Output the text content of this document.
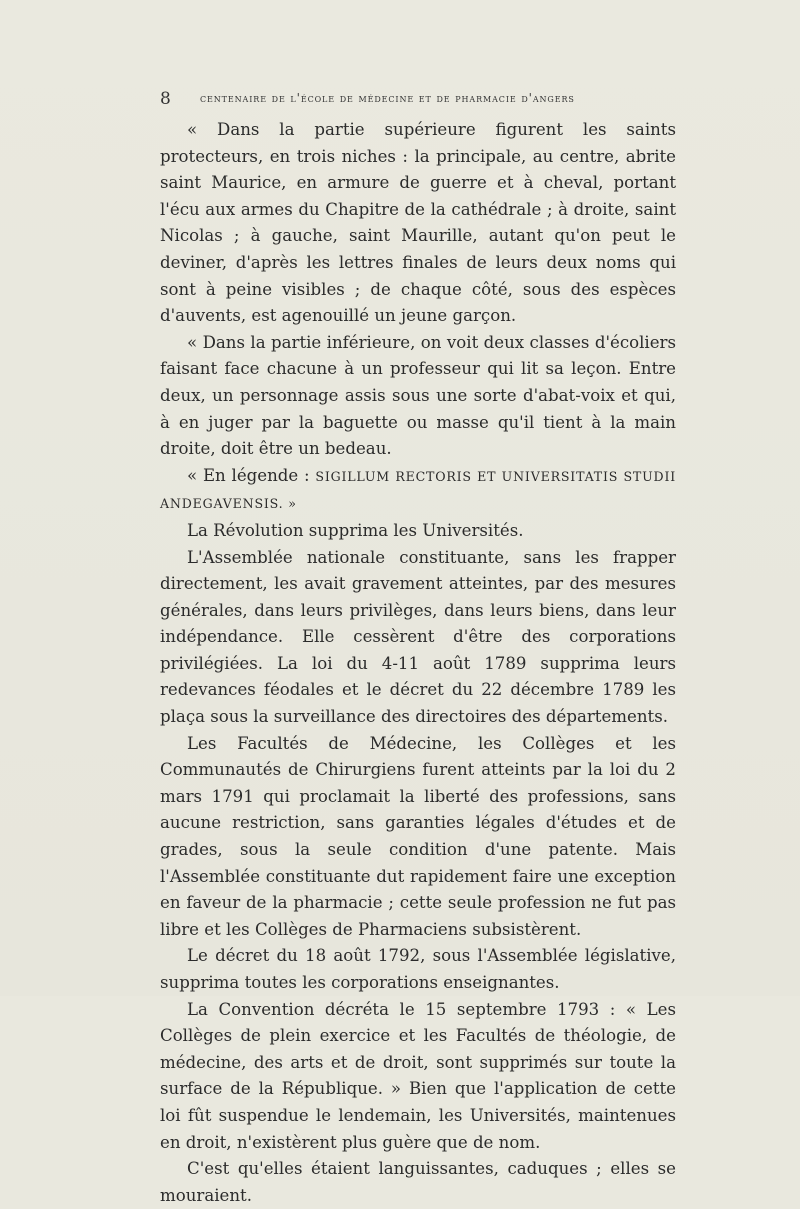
8 centenaire de l'école de médecine et de pharmacie d'angers

« Dans la partie supérieure figurent les saints protecteurs, en trois niches : la principale, au centre, abrite saint Maurice, en armure de guerre et à cheval, portant l'écu aux armes du Chapitre de la cathédrale ; à droite, saint Nicolas ; à gauche, saint Maurille, autant qu'on peut le deviner, d'après les lettres finales de leurs deux noms qui sont à peine visibles ; de chaque côté, sous des espèces d'auvents, est agenouillé un jeune garçon.

« Dans la partie inférieure, on voit deux classes d'écoliers faisant face chacune à un professeur qui lit sa leçon. Entre deux, un personnage assis sous une sorte d'abat-voix et qui, à en juger par la baguette ou masse qu'il tient à la main droite, doit être un bedeau.

« En légende : SIGILLUM RECTORIS ET UNIVERSITATIS STUDII ANDEGAVENSIS. »

La Révolution supprima les Universités.

L'Assemblée nationale constituante, sans les frapper directement, les avait gravement atteintes, par des mesures générales, dans leurs privilèges, dans leurs biens, dans leur indépendance. Elle cessèrent d'être des corporations privilégiées. La loi du 4-11 août 1789 supprima leurs redevances féodales et le décret du 22 décembre 1789 les plaça sous la surveillance des directoires des départements.

Les Facultés de Médecine, les Collèges et les Communautés de Chirurgiens furent atteints par la loi du 2 mars 1791 qui proclamait la liberté des professions, sans aucune restriction, sans garanties légales d'études et de grades, sous la seule condition d'une patente. Mais l'Assemblée constituante dut rapidement faire une exception en faveur de la pharmacie ; cette seule profession ne fut pas libre et les Collèges de Pharmaciens subsistèrent.

Le décret du 18 août 1792, sous l'Assemblée législative, supprima toutes les corporations enseignantes.

La Convention décréta le 15 septembre 1793 : « Les Collèges de plein exercice et les Facultés de théologie, de médecine, des arts et de droit, sont supprimés sur toute la surface de la République. » Bien que l'application de cette loi fût suspendue le lendemain, les Universités, maintenues en droit, n'existèrent plus guère que de nom.

C'est qu'elles étaient languissantes, caduques ; elles se mouraient.
